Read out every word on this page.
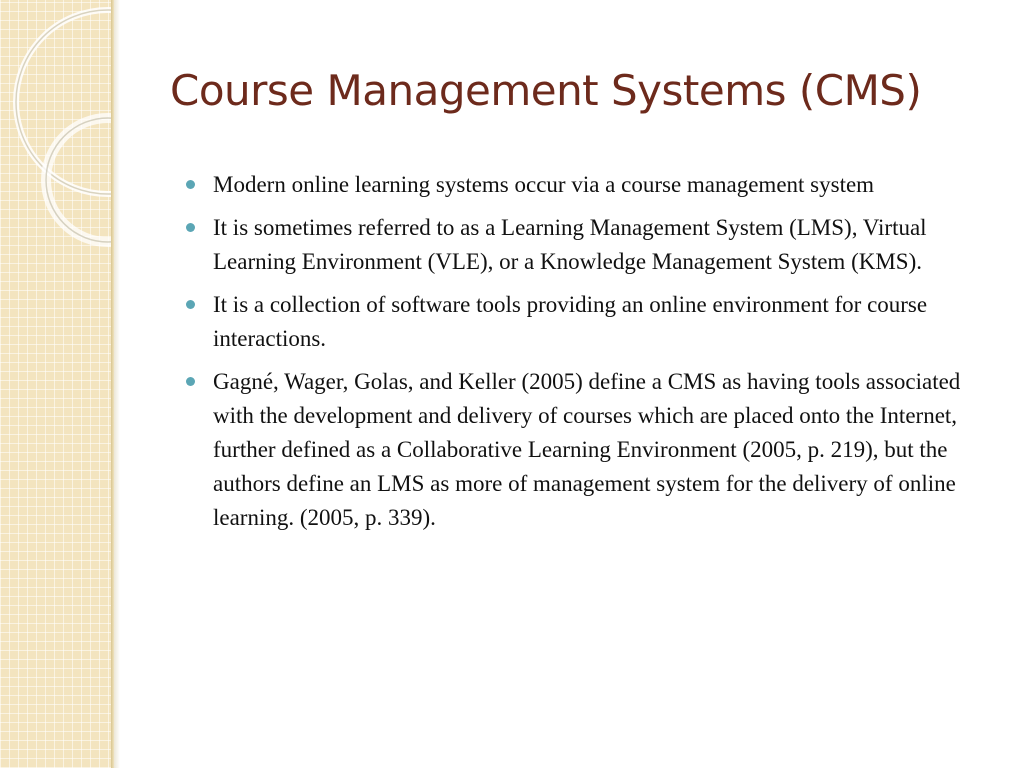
Course Management Systems (CMS)
Modern online learning systems occur via a course management system
It is sometimes referred to as a Learning Management System (LMS), Virtual Learning Environment (VLE), or a Knowledge Management System (KMS).
It is a collection of software tools providing an online environment for course interactions.
Gagné, Wager, Golas, and Keller (2005) define a CMS as having tools associated with the development and delivery of courses which are placed onto the Internet, further defined as a Collaborative Learning Environment (2005, p. 219), but the authors define an LMS as more of management system for the delivery of online learning. (2005, p. 339).
